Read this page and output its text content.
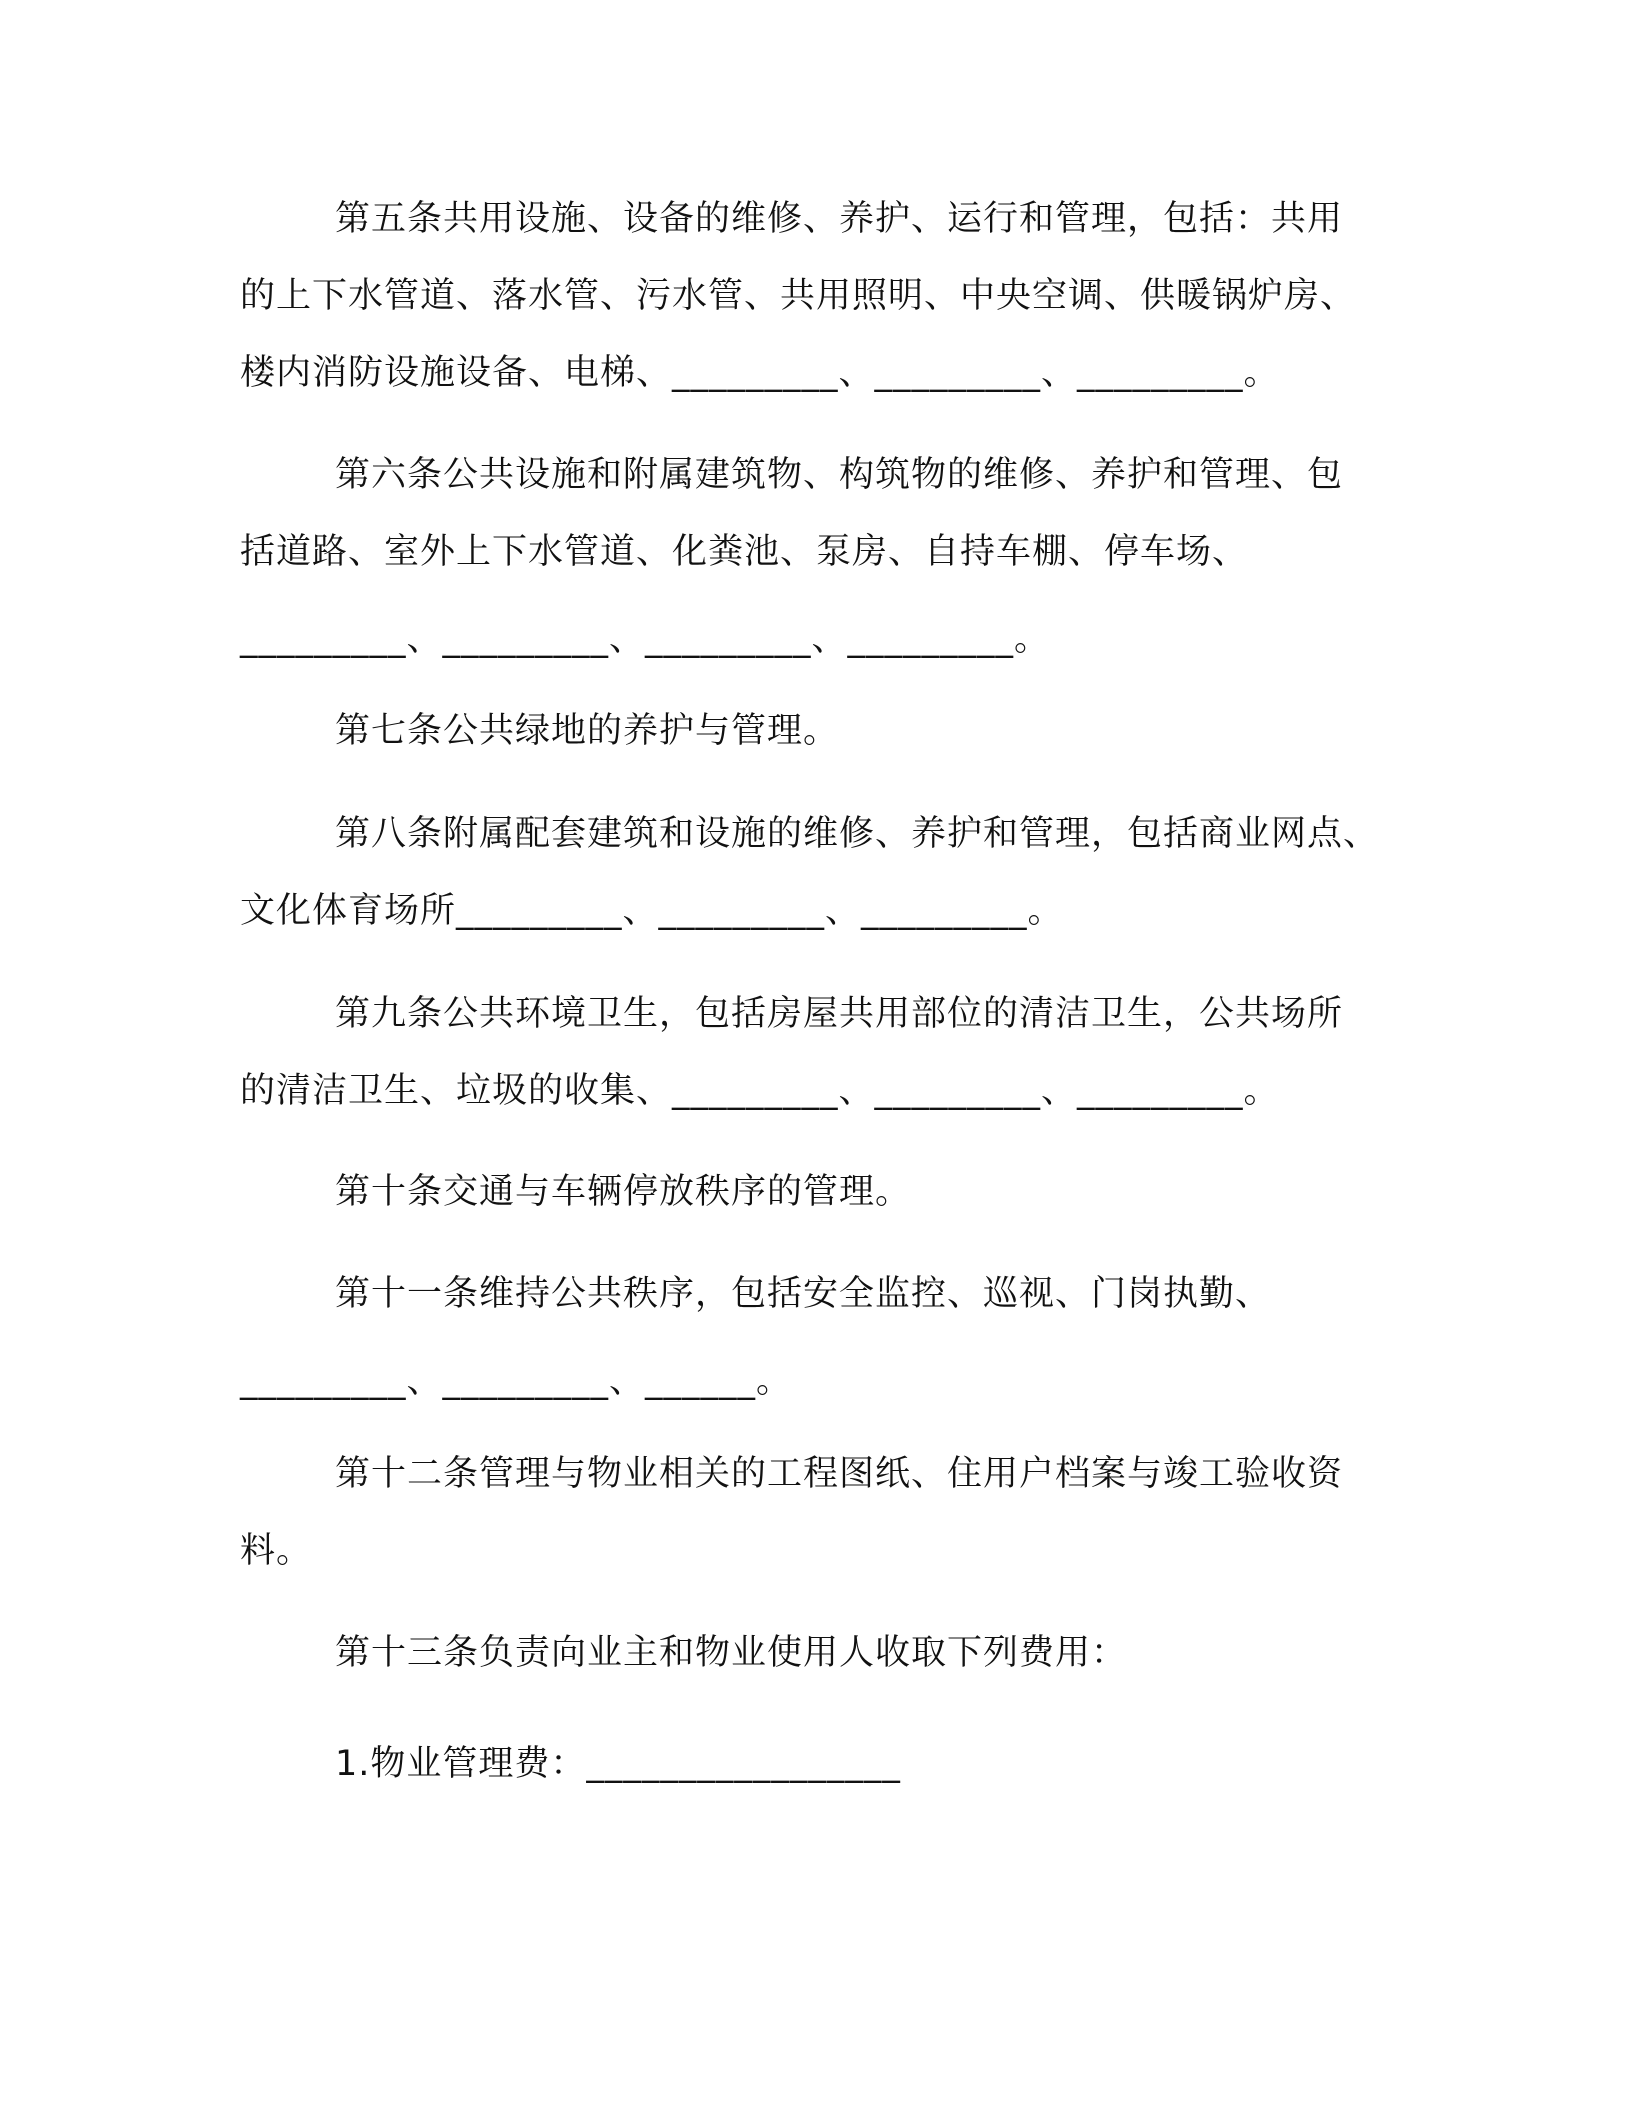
第五条共用设施、设备的维修、养护、运行和管理，包括：共用
的上下水管道、落水管、污水管、共用照明、中央空调、供暖锅炉房、
楼内消防设施设备、电梯、_________、_________、_________。
第六条公共设施和附属建筑物、构筑物的维修、养护和管理、包
括道路、室外上下水管道、化粪池、泵房、自持车棚、停车场、
_________、_________、_________、_________。
第七条公共绿地的养护与管理。
第八条附属配套建筑和设施的维修、养护和管理，包括商业网点、
文化体育场所_________、_________、_________。
第九条公共环境卫生，包括房屋共用部位的清洁卫生，公共场所
的清洁卫生、垃圾的收集、_________、_________、_________。
第十条交通与车辆停放秩序的管理。
第十一条维持公共秩序，包括安全监控、巡视、门岗执勤、
_________、_________、______。
第十二条管理与物业相关的工程图纸、住用户档案与竣工验收资
料。
第十三条负责向业主和物业使用人收取下列费用：
1.物业管理费：_________________
